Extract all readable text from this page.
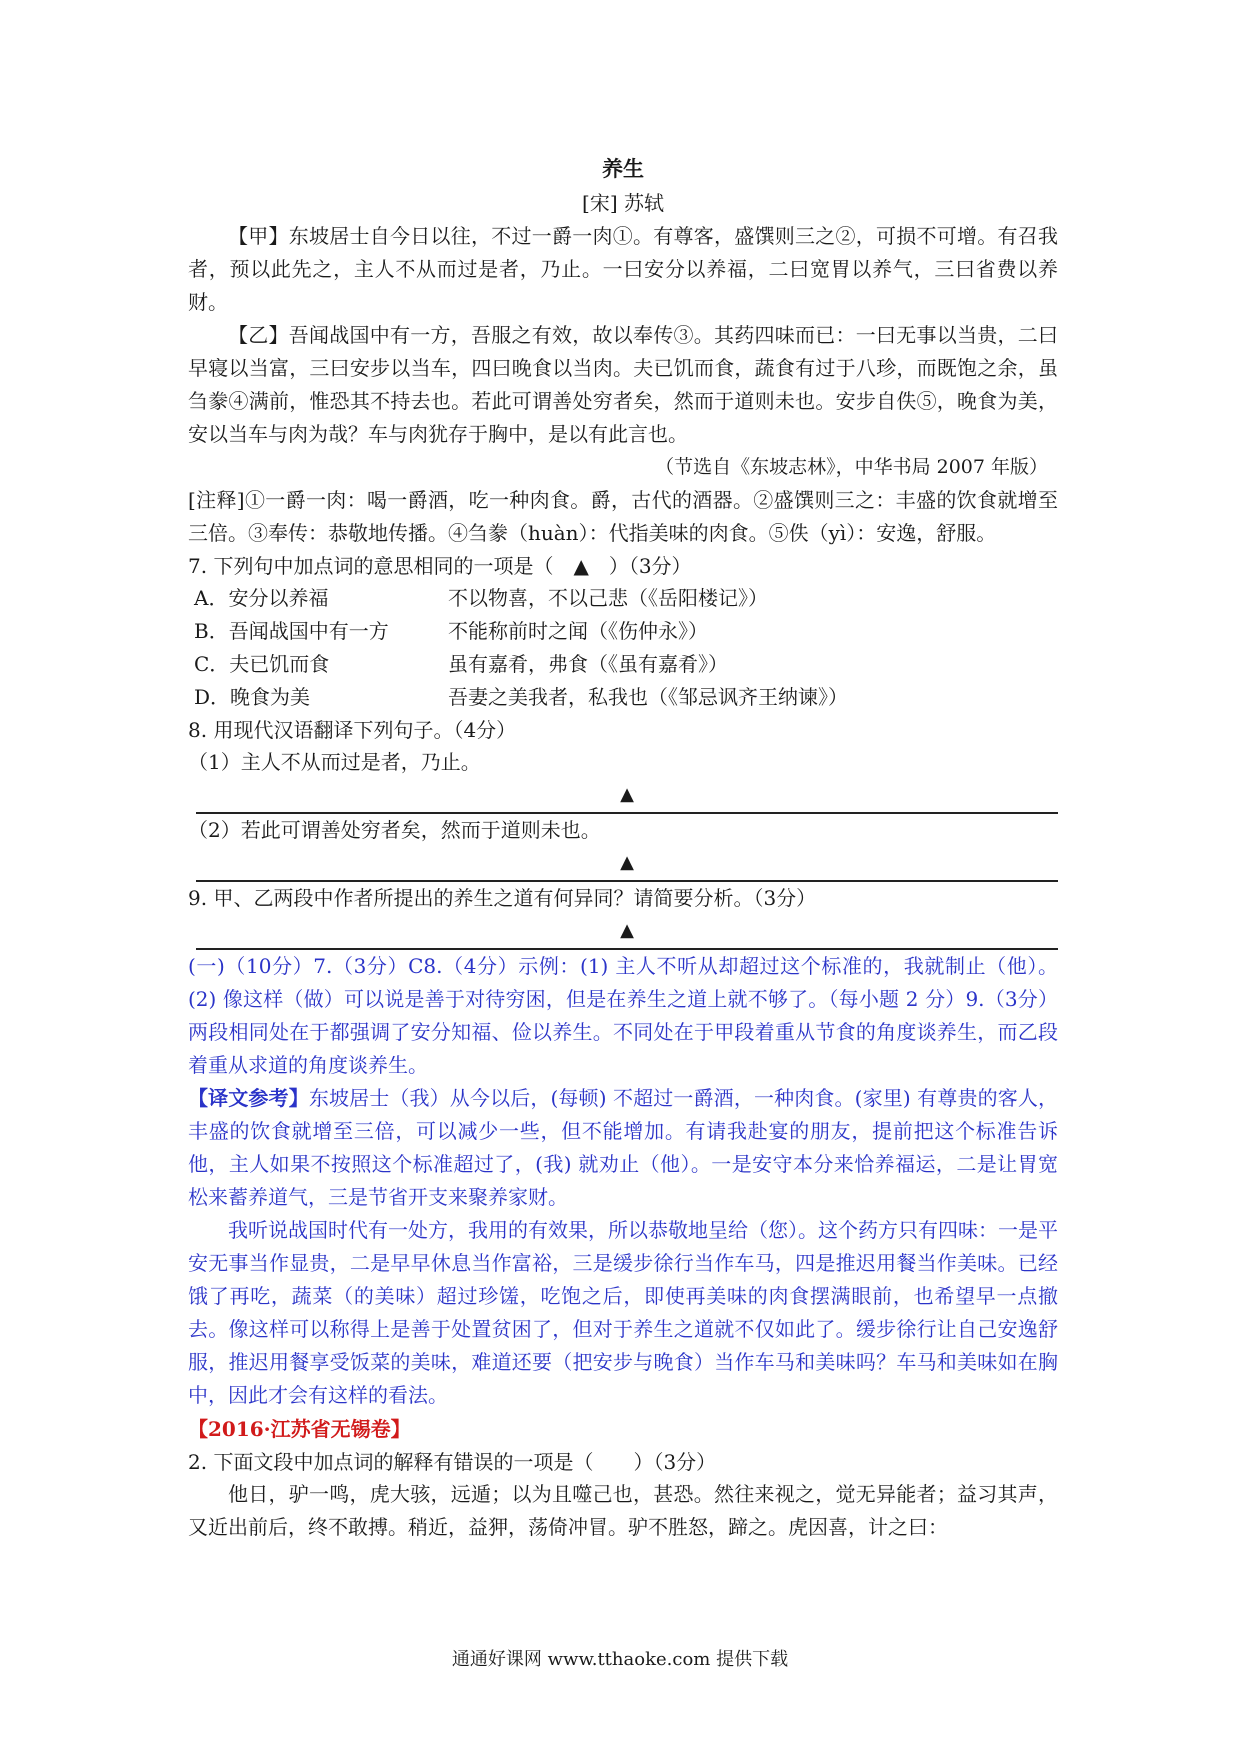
养生
[宋] 苏轼

【甲】东坡居士自今日以往，不过一爵一肉①。有尊客，盛馔则三之②，可损不可增。有召我者，预以此先之，主人不从而过是者，乃止。一曰安分以养福，二曰宽胃以养气，三曰省费以养财。

【乙】吾闻战国中有一方，吾服之有效，故以奉传③。其药四味而已：一曰无事以当贵，二曰早寝以当富，三曰安步以当车，四曰晚食以当肉。夫已饥而食，蔬食有过于八珍，而既饱之余，虽刍豢④满前，惟恐其不持去也。若此可谓善处穷者矣，然而于道则未也。安步自佚⑤，晚食为美，安以当车与肉为哉？车与肉犹存于胸中，是以有此言也。

（节选自《东坡志林》，中华书局 2007 年版）

[注释]①一爵一肉：喝一爵酒，吃一种肉食。爵，古代的酒器。②盛馔则三之：丰盛的饮食就增至三倍。③奉传：恭敬地传播。④刍豢（huàn）：代指美味的肉食。⑤佚（yì）：安逸，舒服。

7. 下列句中加点词的意思相同的一项是（　▲　）（3分）

A．安分以养福	不以物喜，不以己悲（《岳阳楼记》）
B．吾闻战国中有一方	不能称前时之闻（《伤仲永》）
C．夫已饥而食	虽有嘉肴，弗食（《虽有嘉肴》）
D．晚食为美	吾妻之美我者，私我也（《邹忌讽齐王纳谏》）

8. 用现代汉语翻译下列句子。（4分）

（1）主人不从而过是者，乃止。

▲

（2）若此可谓善处穷者矣，然而于道则未也。

▲

9. 甲、乙两段中作者所提出的养生之道有何异同？请简要分析。（3分）

▲

(一)（10分）7.（3分）C8.（4分）示例：(1) 主人不听从却超过这个标准的，我就制止（他）。(2) 像这样（做）可以说是善于对待穷困，但是在养生之道上就不够了。（每小题 2 分）9.（3分）两段相同处在于都强调了安分知福、俭以养生。不同处在于甲段着重从节食的角度谈养生，而乙段着重从求道的角度谈养生。

【译文参考】东坡居士（我）从今以后，(每顿) 不超过一爵酒，一种肉食。(家里) 有尊贵的客人，丰盛的饮食就增至三倍，可以减少一些，但不能增加。有请我赴宴的朋友，提前把这个标准告诉他，主人如果不按照这个标准超过了，(我) 就劝止（他）。一是安守本分来恰养福运，二是让胃宽松来蓄养道气，三是节省开支来聚养家财。

我听说战国时代有一处方，我用的有效果，所以恭敬地呈给（您）。这个药方只有四味：一是平安无事当作显贵，二是早早休息当作富裕，三是缓步徐行当作车马，四是推迟用餐当作美味。已经饿了再吃，蔬菜（的美味）超过珍馐，吃饱之后，即使再美味的肉食摆满眼前，也希望早一点撤去。像这样可以称得上是善于处置贫困了，但对于养生之道就不仅如此了。缓步徐行让自己安逸舒服，推迟用餐享受饭菜的美味，难道还要（把安步与晚食）当作车马和美味吗？车马和美味如在胸中，因此才会有这样的看法。

【2016·江苏省无锡卷】

2. 下面文段中加点词的解释有错误的一项是（　　）（3分）

他日，驴一鸣，虎大骇，远遁；以为且噬己也，甚恐。然往来视之，觉无异能者；益习其声，又近出前后，终不敢搏。稍近，益狎，荡倚冲冒。驴不胜怒，蹄之。虎因喜，计之曰：

通通好课网 www.tthaoke.com 提供下载
